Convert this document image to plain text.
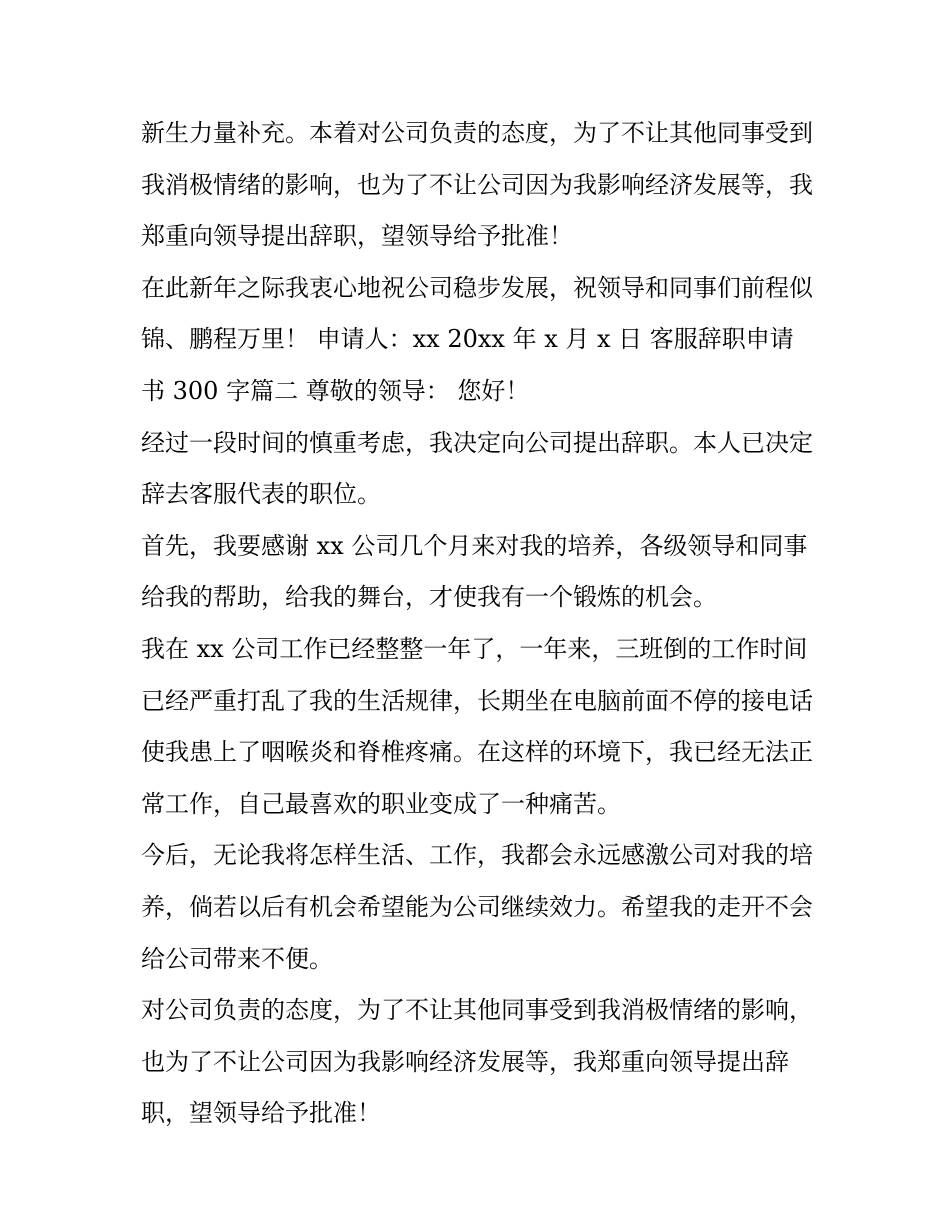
新生力量补充。本着对公司负责的态度，为了不让其他同事受到我消极情绪的影响，也为了不让公司因为我影响经济发展等，我郑重向领导提出辞职，望领导给予批准！

在此新年之际我衷心地祝公司稳步发展，祝领导和同事们前程似锦、鹏程万里！ 申请人：xx 20xx 年 x 月 x 日 客服辞职申请书 300 字篇二 尊敬的领导： 您好！

经过一段时间的慎重考虑，我决定向公司提出辞职。本人已决定辞去客服代表的职位。

首先，我要感谢 xx 公司几个月来对我的培养，各级领导和同事给我的帮助，给我的舞台，才使我有一个锻炼的机会。

我在 xx 公司工作已经整整一年了，一年来，三班倒的工作时间已经严重打乱了我的生活规律，长期坐在电脑前面不停的接电话使我患上了咽喉炎和脊椎疼痛。在这样的环境下，我已经无法正常工作，自己最喜欢的职业变成了一种痛苦。

今后，无论我将怎样生活、工作，我都会永远感激公司对我的培养，倘若以后有机会希望能为公司继续效力。希望我的走开不会给公司带来不便。

对公司负责的态度，为了不让其他同事受到我消极情绪的影响，也为了不让公司因为我影响经济发展等，我郑重向领导提出辞职，望领导给予批准！
